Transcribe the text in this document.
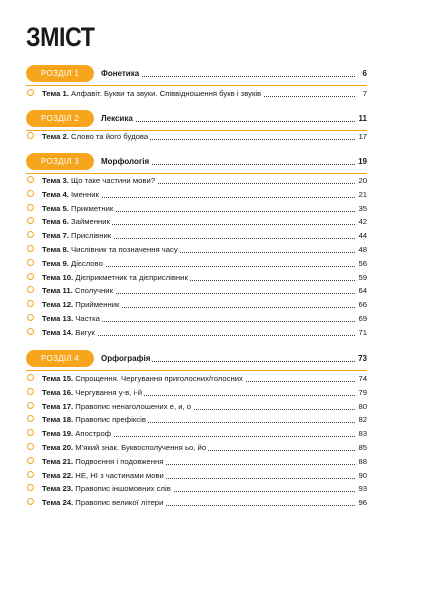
ЗМІСТ
РОЗДІЛ 1	Фонетика	6
Тема 1. Алфавіт. Букви та звуки. Співвідношення букв і звуків	7
РОЗДІЛ 2	Лексика	11
Тема 2. Слово та його будова	17
РОЗДІЛ 3	Морфологія	19
Тема 3. Що таке частини мови?	20
Тема 4. Іменник	21
Тема 5. Прикметник	35
Тема 6. Займенник	42
Тема 7. Прислівник	44
Тема 8. Числівник та позначення часу	48
Тема 9. Дієслово	56
Тема 10. Дієприкметник та дієприслівник	59
Тема 11. Сполучник	64
Тема 12. Прийменник	66
Тема 13. Частка	69
Тема 14. Вигук	71
РОЗДІЛ 4	Орфографія	73
Тема 15. Спрощення. Чергування приголосних/голосних	74
Тема 16. Чергування у-в, і-й	79
Тема 17. Правопис ненаголошених е, и, о	80
Тема 18. Правопис префіксів	82
Тема 19. Апостроф	83
Тема 20. М'який знак. Буквосполучення ьо, йо	85
Тема 21. Подвоєння і подовження	88
Тема 22. НЕ, НІ з частинами мови	90
Тема 23. Правопис іншомовних слів	93
Тема 24. Правопис великої літери	96
